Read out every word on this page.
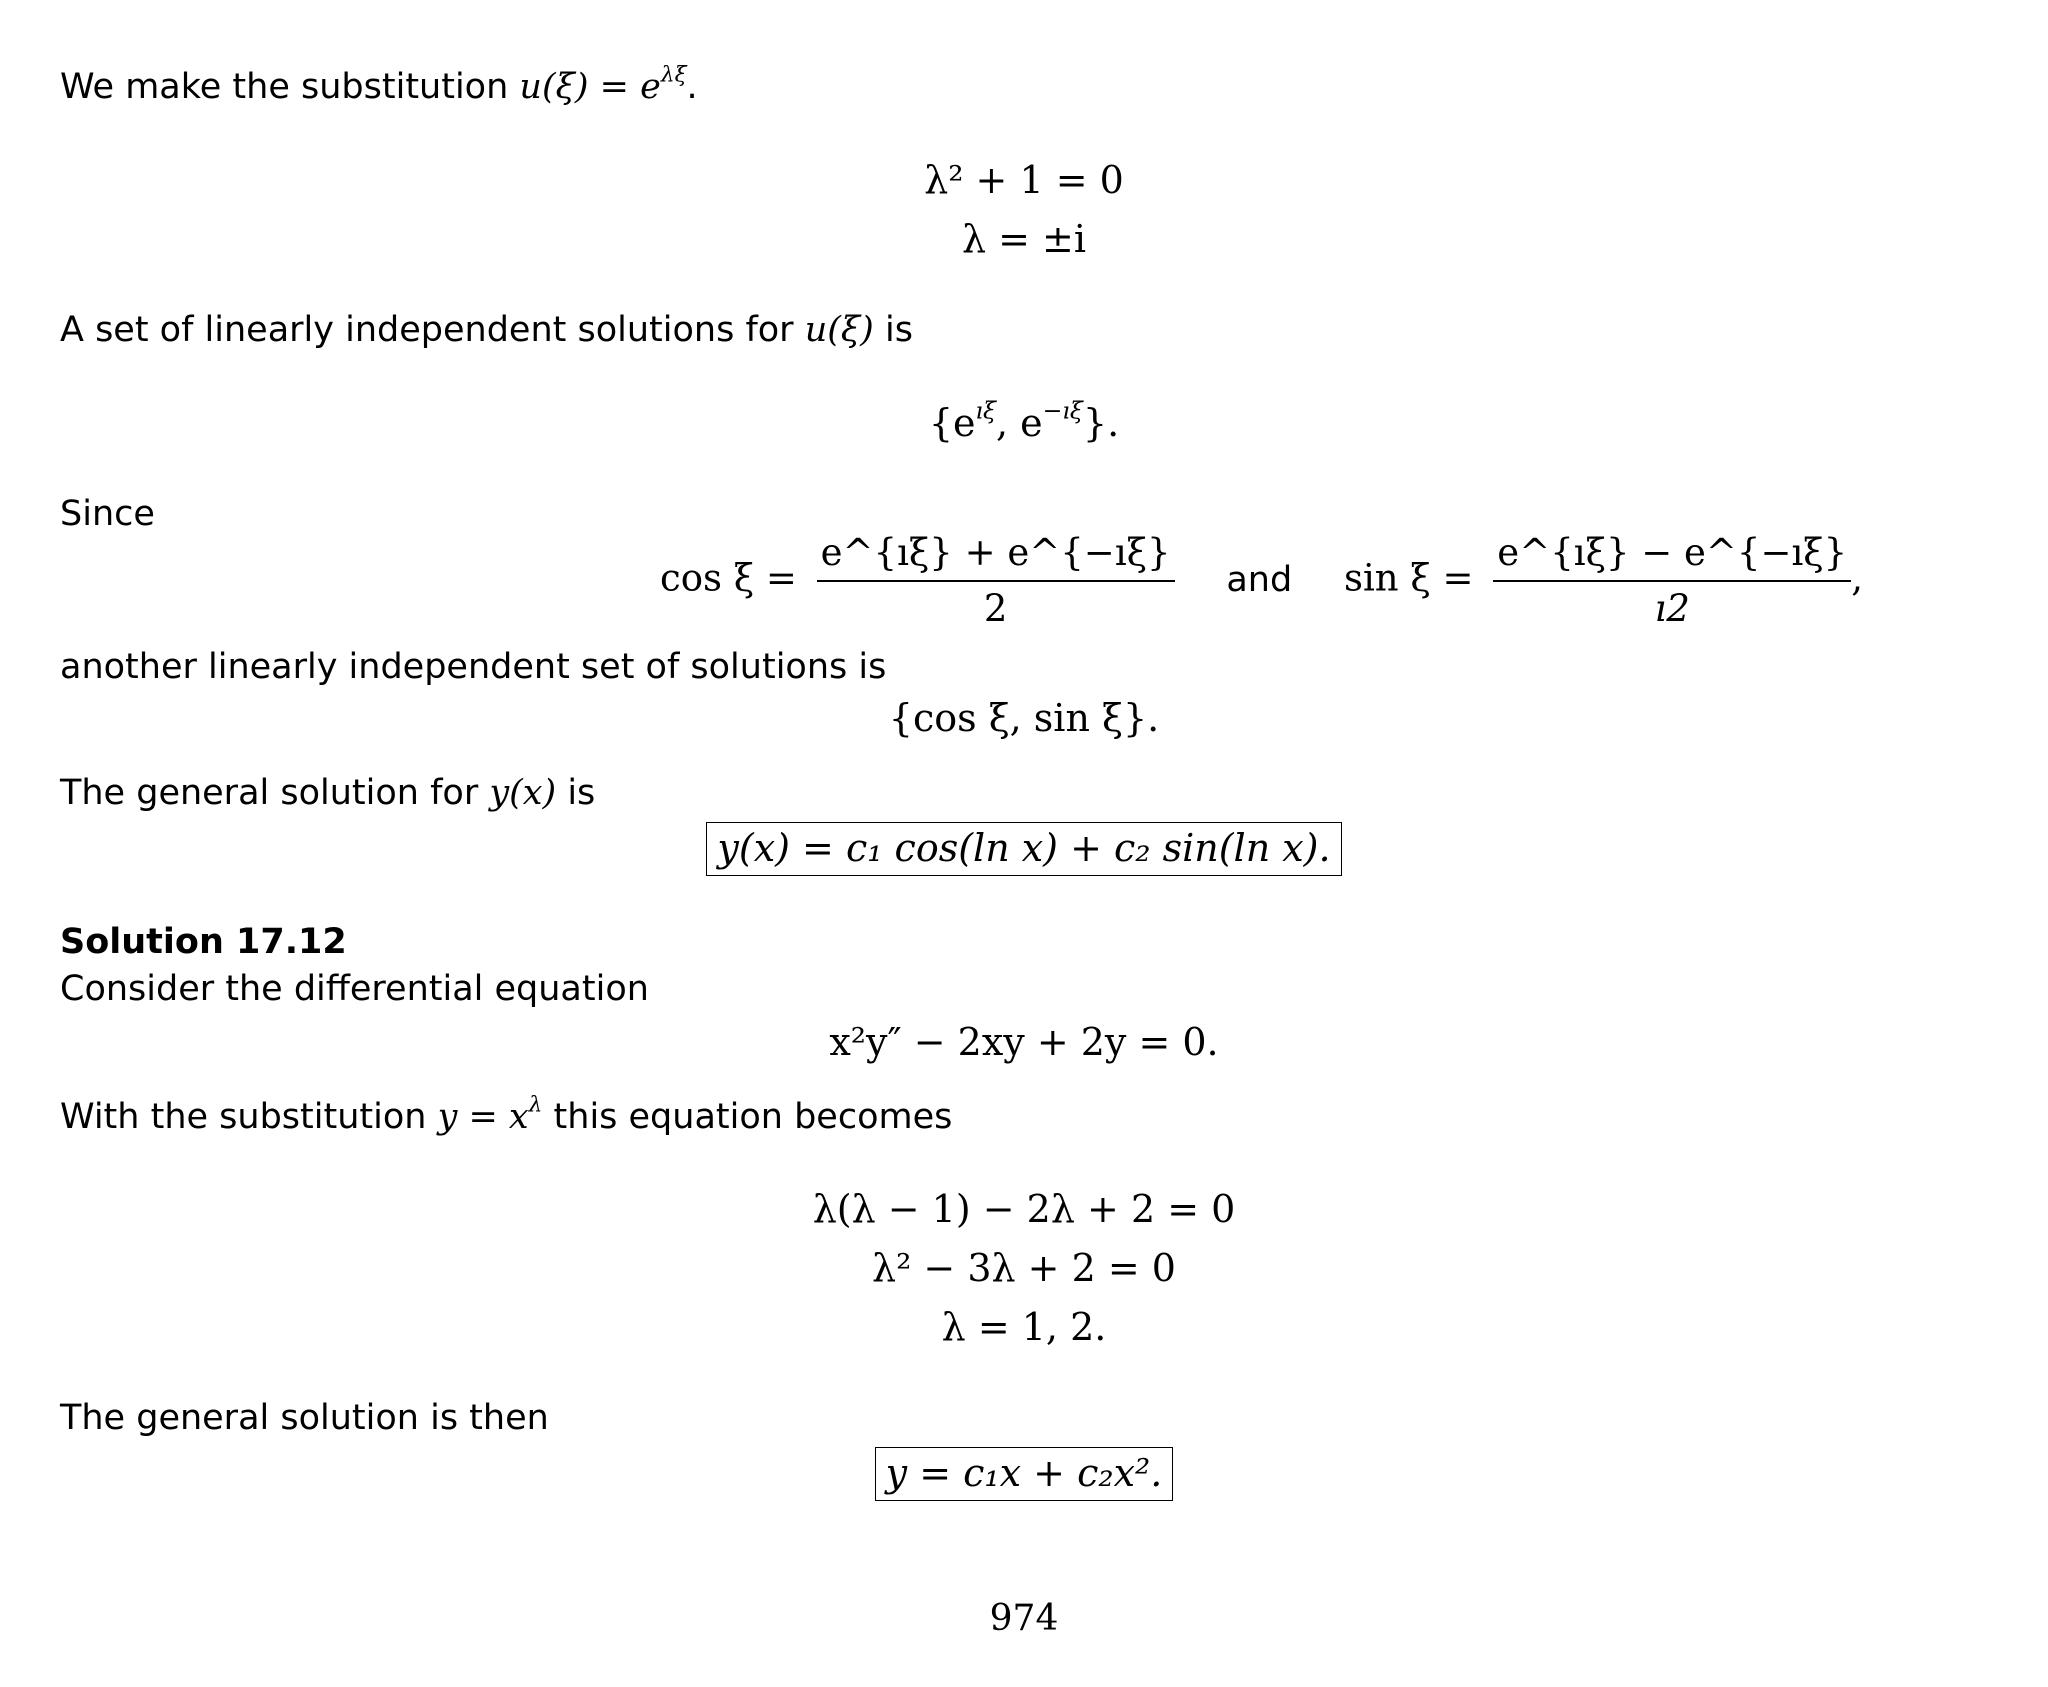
We make the substitution $u(\xi) = e^{\lambda\xi}$.
λ² + 1 = 0
λ = ±i
A set of linearly independent solutions for u(ξ) is
{$e^{ı\xi}$, $e^{-ı\xi}$}.
Since
$\cos \xi = \frac{e\^{}\{ı\xi\} + e\^{}\{-ı\xi\}}{2}$ and $\sin \xi = \frac{e\^{}\{ı\xi\} - e\^{}\{-ı\xi\}}{ı2}$ ,
another linearly independent set of solutions is
{cos ξ, sin ξ}.
The general solution for y(x) is
y(x) = c₁ cos(ln x) + c₂ sin(ln x).
Solution 17.12
Consider the differential equation
x²y″ − 2xy + 2y = 0.
With the substitution $y = x^\lambda$ this equation becomes
λ(λ − 1) − 2λ + 2 = 0
λ² − 3λ + 2 = 0
λ = 1, 2.
The general solution is then
y = c₁x + c₂x².
974
